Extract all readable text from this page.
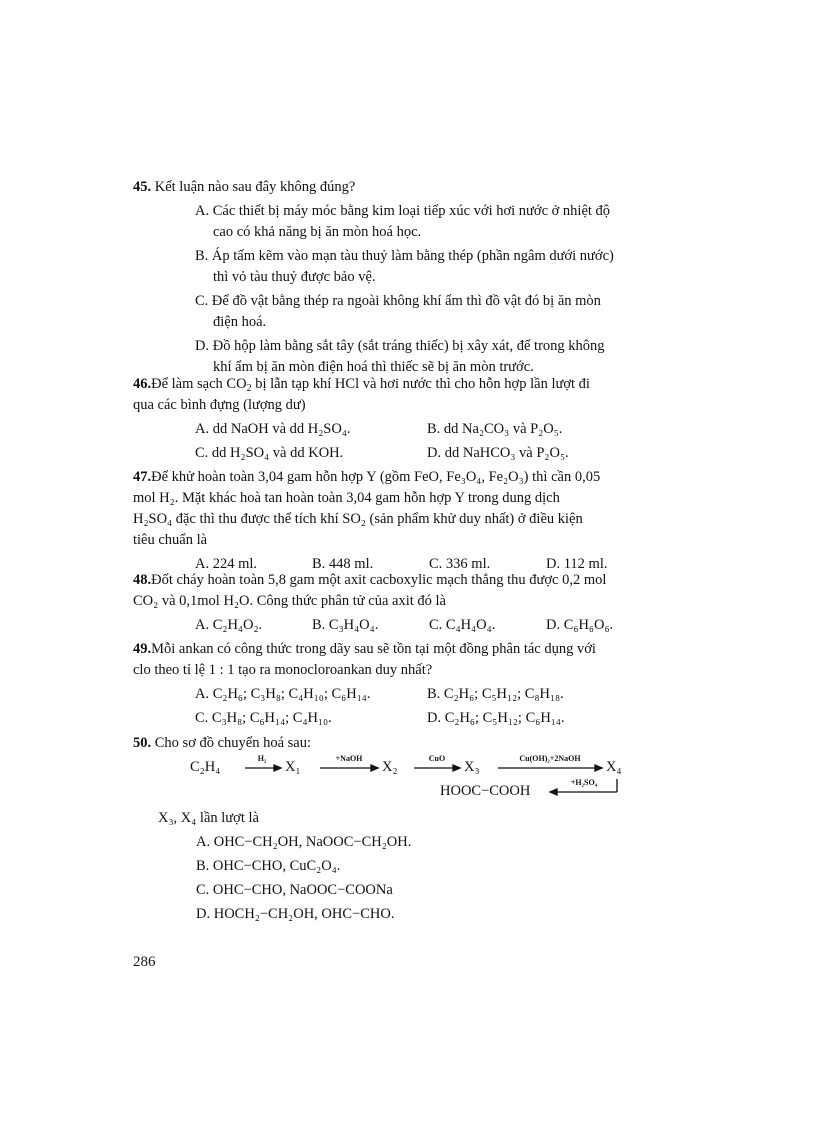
45. Kết luận nào sau đây không đúng?
A. Các thiết bị máy móc bằng kim loại tiếp xúc với hơi nước ở nhiệt độ
cao có khả năng bị ăn mòn hoá học.
B. Áp tấm kẽm vào mạn tàu thuỷ làm bằng thép (phần ngâm dưới nước)
thì vỏ tàu thuỷ được bảo vệ.
C. Để đồ vật bằng thép ra ngoài không khí ẩm thì đồ vật đó bị ăn mòn
điện hoá.
D. Đồ hộp làm bằng sắt tây (sắt tráng thiếc) bị xây xát, để trong không
khí ẩm bị ăn mòn điện hoá thì thiếc sẽ bị ăn mòn trước.
46.Để làm sạch $CO_2$ bị lẫn tạp khí HCl và hơi nước thì cho hỗn hợp lần lượt đi
qua các bình đựng (lượng dư)
A. dd NaOH và dd H₂SO₄.	B. dd Na₂CO₃ và P₂O₅.
C. dd H₂SO₄ và dd KOH.	D. dd NaHCO₃ và P₂O₅.
47.Để khử hoàn toàn 3,04 gam hỗn hợp Y (gồm FeO, Fe₃O₄, Fe₂O₃) thì cần 0,05
mol H₂. Mặt khác hoà tan hoàn toàn 3,04 gam hỗn hợp Y trong dung dịch
H₂SO₄ đặc thì thu được thể tích khí SO₂ (sản phẩm khử duy nhất) ở điều kiện
tiêu chuẩn là
A. 224 ml.	B. 448 ml.	C. 336 ml.	D. 112 ml.
48.Đốt cháy hoàn toàn 5,8 gam một axit cacboxylic mạch thẳng thu được 0,2 mol
CO₂ và 0,1mol H₂O. Công thức phân tử của axit đó là
A. C₂H₄O₂.	B. C₃H₄O₄.	C. C₄H₄O₄.	D. C₆H₆O₆.
49.Mỗi ankan có công thức trong dãy sau sẽ tồn tại một đồng phân tác dụng với
clo theo tỉ lệ 1 : 1 tạo ra monocloroankan duy nhất?
A. C₂H₆; C₃H₈; C₄H₁₀; C₆H₁₄.	B. C₂H₆; C₅H₁₂; C₈H₁₈.
C. C₃H₈; C₆H₁₄; C₄H₁₀.	D. C₂H₆; C₅H₁₂; C₆H₁₄.
50. Cho sơ đồ chuyển hoá sau:
C₂H₄	X₁	X₂	X₃	X₄
HOOC−COOH
H₂	+NaOH	CuO	Cu(OH)₂+2NaOH
+H₂SO₄
X₃, X₄ lần lượt là
A. OHC−CH₂OH, NaOOC−CH₂OH.
B. OHC−CHO, CuC₂O₄.
C. OHC−CHO, NaOOC−COONa
D. HOCH₂−CH₂OH, OHC−CHO.
286
